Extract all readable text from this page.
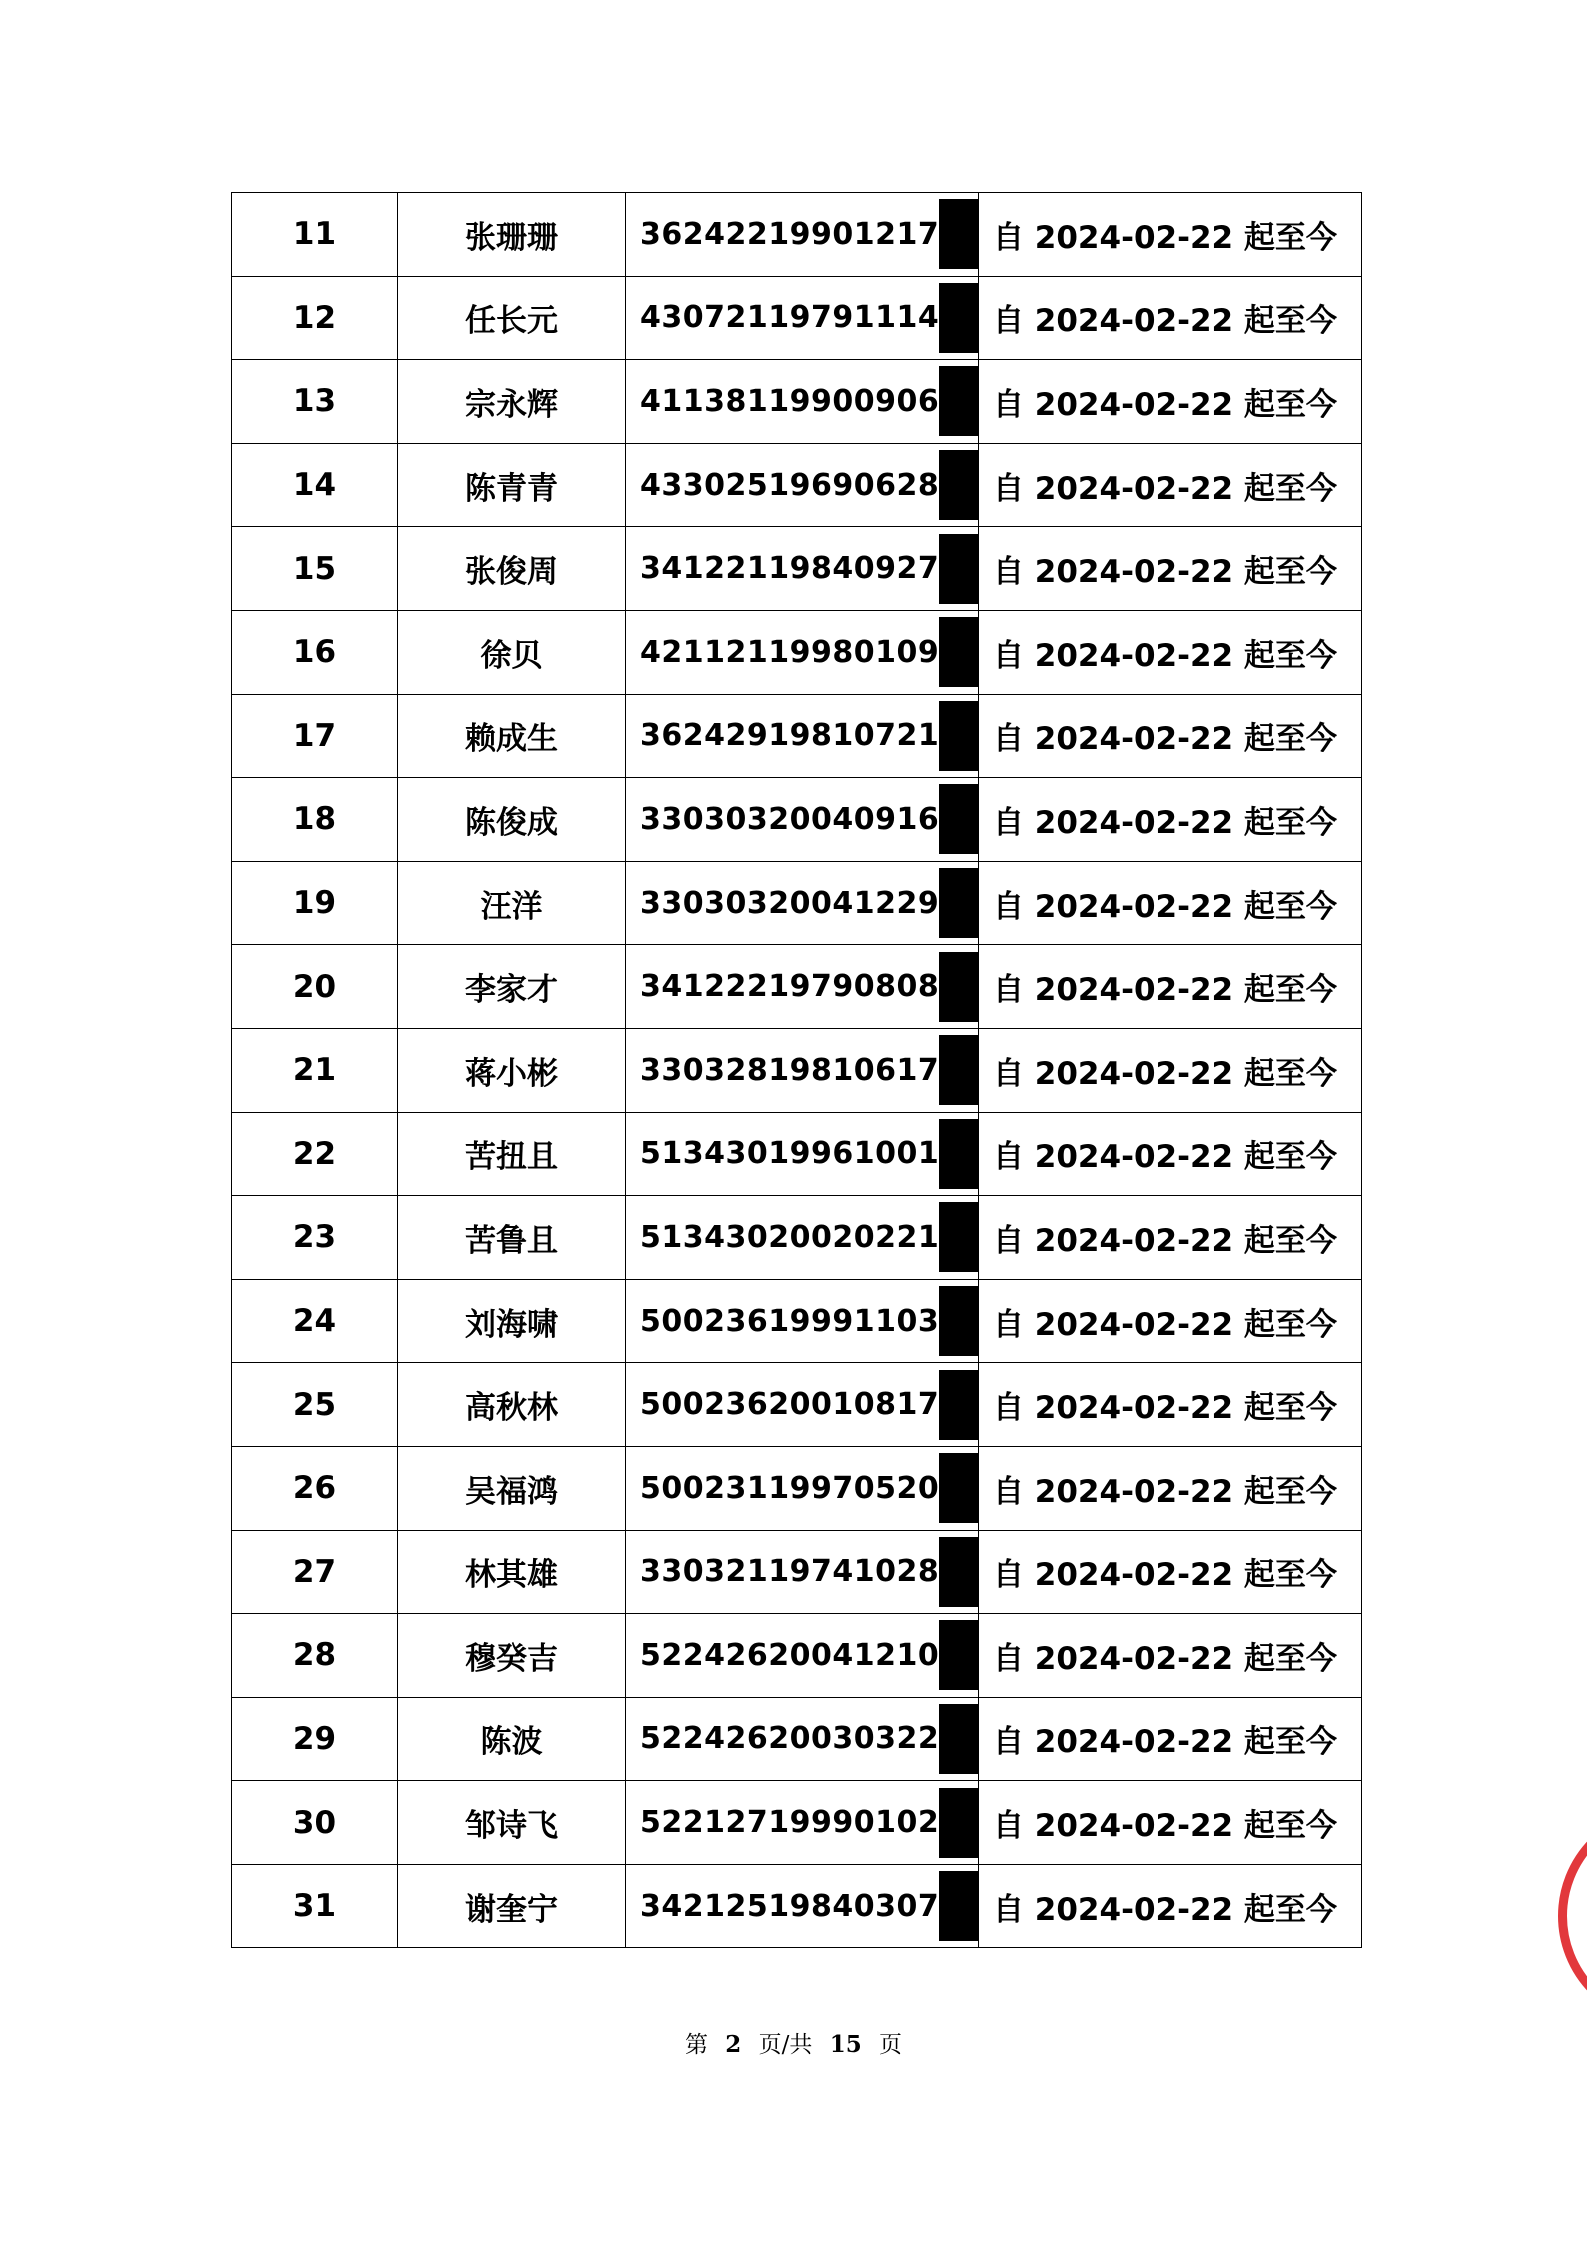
11	张珊珊	36242219901217	自 2024-02-22 起至今
12	任长元	43072119791114	自 2024-02-22 起至今
13	宗永辉	41138119900906	自 2024-02-22 起至今
14	陈青青	43302519690628	自 2024-02-22 起至今
15	张俊周	34122119840927	自 2024-02-22 起至今
16	徐贝	42112119980109	自 2024-02-22 起至今
17	赖成生	36242919810721	自 2024-02-22 起至今
18	陈俊成	33030320040916	自 2024-02-22 起至今
19	汪洋	33030320041229	自 2024-02-22 起至今
20	李家才	34122219790808	自 2024-02-22 起至今
21	蒋小彬	33032819810617	自 2024-02-22 起至今
22	苦扭且	51343019961001	自 2024-02-22 起至今
23	苦鲁且	51343020020221	自 2024-02-22 起至今
24	刘海啸	50023619991103	自 2024-02-22 起至今
25	高秋林	50023620010817	自 2024-02-22 起至今
26	吴福鸿	50023119970520	自 2024-02-22 起至今
27	林其雄	33032119741028	自 2024-02-22 起至今
28	穆癸吉	52242620041210	自 2024-02-22 起至今
29	陈波	52242620030322	自 2024-02-22 起至今
30	邹诗飞	52212719990102	自 2024-02-22 起至今
31	谢奎宁	34212519840307	自 2024-02-22 起至今
第 2 页/共 15 页
